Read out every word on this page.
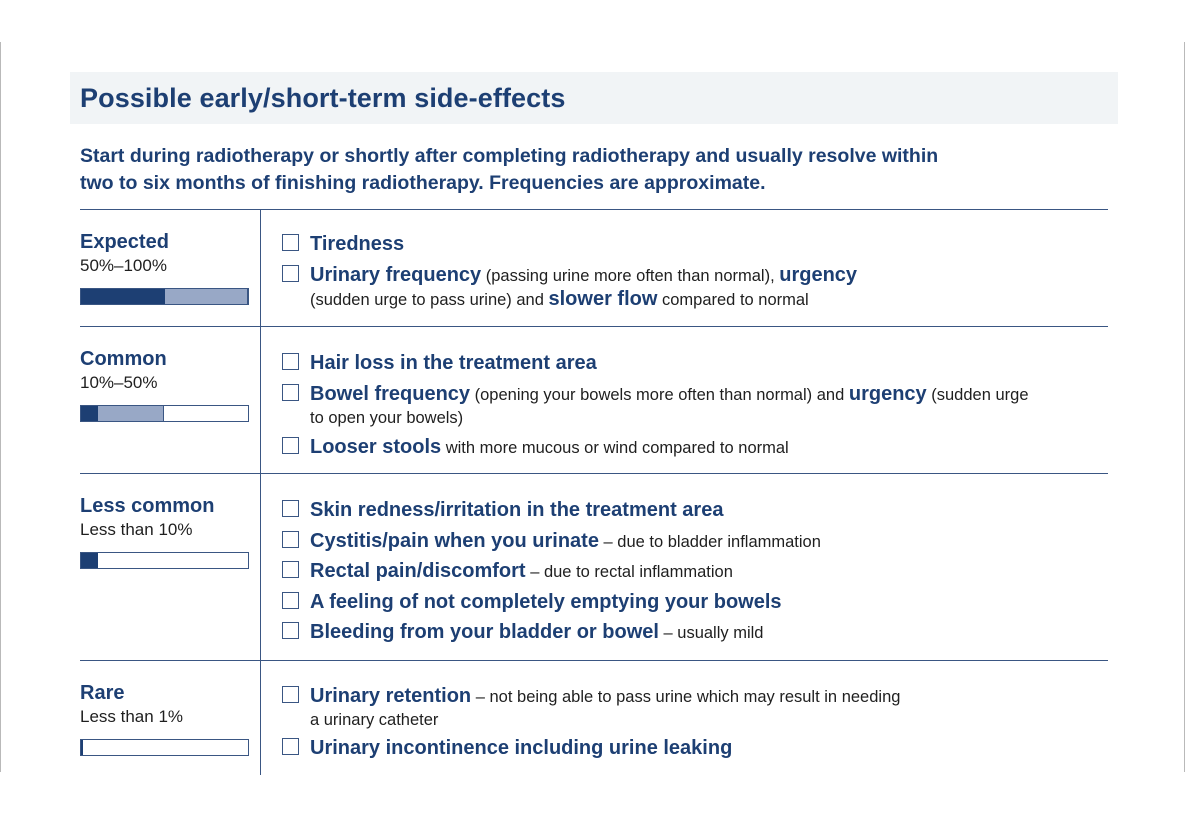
Possible early/short-term side-effects
Start during radiotherapy or shortly after completing radiotherapy and usually resolve within
two to six months of finishing radiotherapy. Frequencies are approximate.
Expected
50%–100%
Tiredness
Urinary frequency (passing urine more often than normal), urgency
(sudden urge to pass urine) and slower flow compared to normal
Common
10%–50%
Hair loss in the treatment area
Bowel frequency (opening your bowels more often than normal) and urgency (sudden urge
to open your bowels)
Looser stools with more mucous or wind compared to normal
Less common
Less than 10%
Skin redness/irritation in the treatment area
Cystitis/pain when you urinate – due to bladder inflammation
Rectal pain/discomfort – due to rectal inflammation
A feeling of not completely emptying your bowels
Bleeding from your bladder or bowel – usually mild
Rare
Less than 1%
Urinary retention – not being able to pass urine which may result in needing
a urinary catheter
Urinary incontinence including urine leaking
